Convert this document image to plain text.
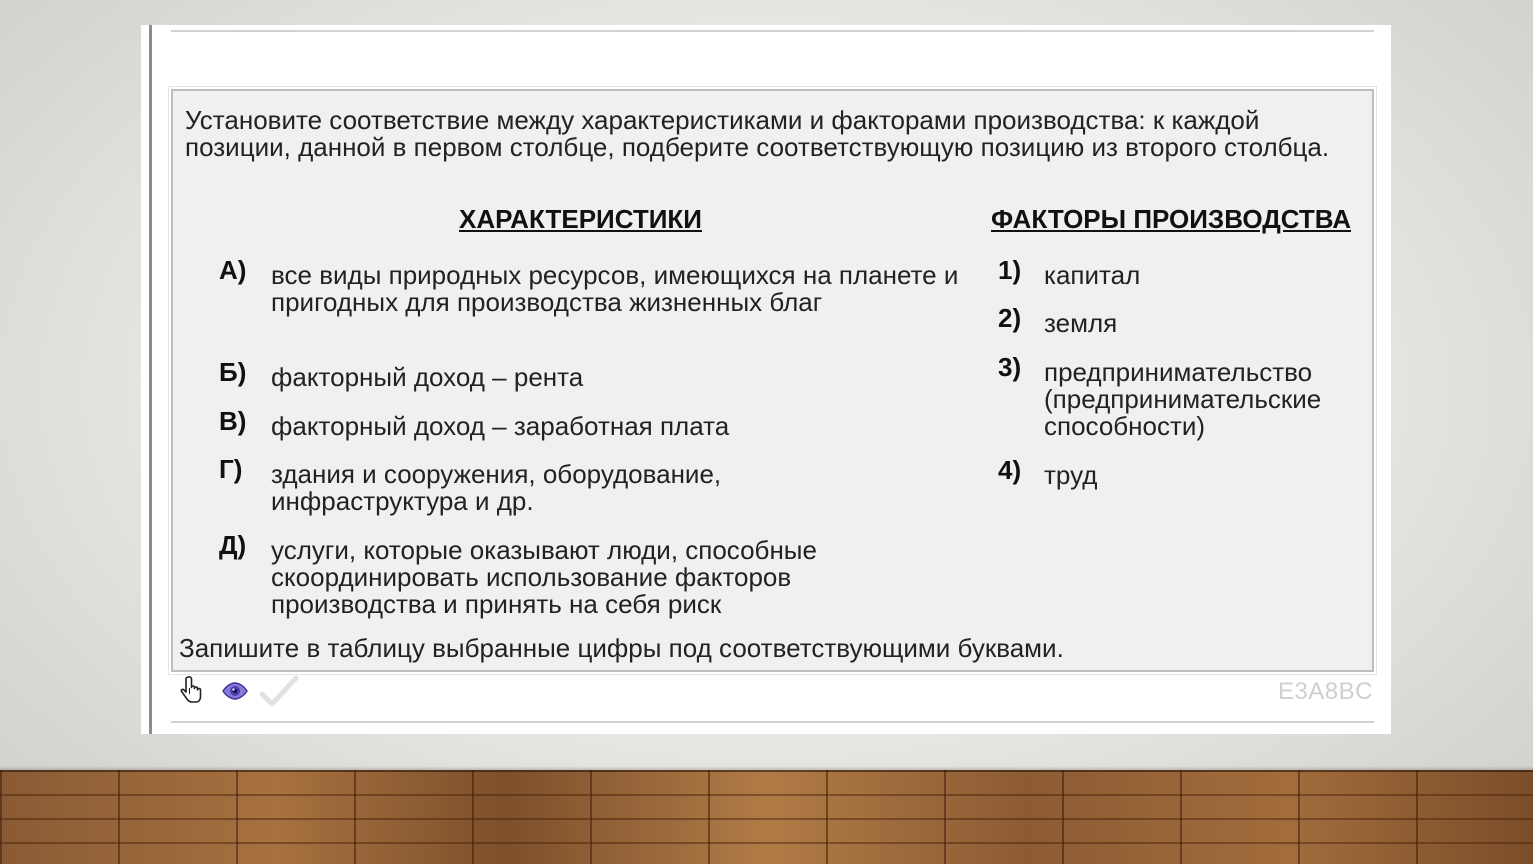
Установите соответствие между характеристиками и факторами производства: к каждой позиции, данной в первом столбце, подберите соответствующую позицию из второго столбца.
ХАРАКТЕРИСТИКИ	ФАКТОРЫ ПРОИЗВОДСТВА
А) все виды природных ресурсов, имеющихся на планете и пригодных для производства жизненных благ
Б) факторный доход – рента
В) факторный доход – заработная плата
Г) здания и сооружения, оборудование, инфраструктура и др.
Д) услуги, которые оказывают люди, способные скоординировать использование факторов производства и принять на себя риск
1) капитал
2) земля
3) предпринимательство (предпринимательские способности)
4) труд
Запишите в таблицу выбранные цифры под соответствующими буквами.
E3A8BC
